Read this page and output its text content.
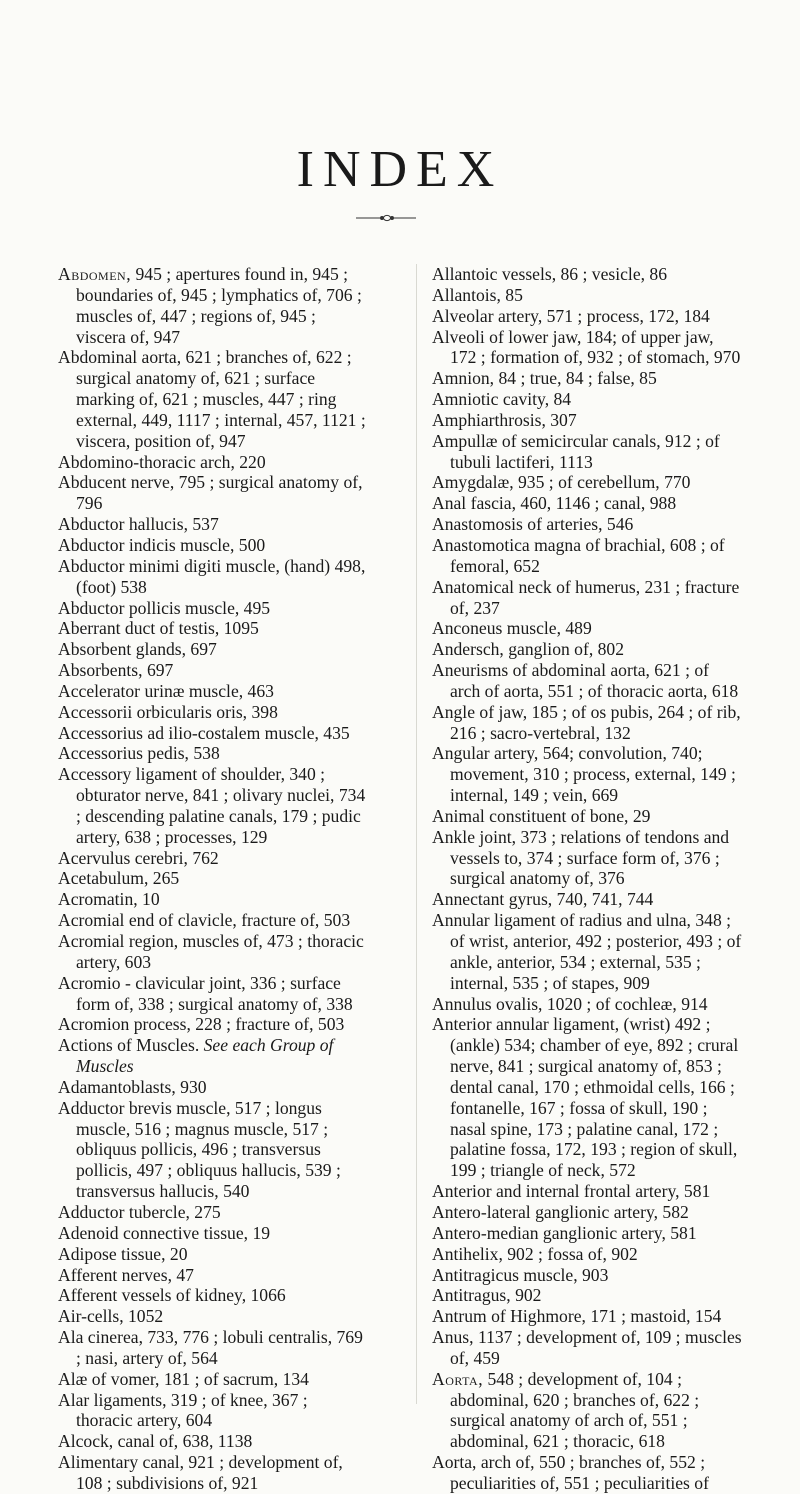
INDEX

Abdomen, 945 ; apertures found in, 945 ; boundaries of, 945 ; lymphatics of, 706 ; muscles of, 447 ; regions of, 945 ; viscera of, 947

Abdominal aorta, 621 ; branches of, 622 ; surgical anatomy of, 621 ; surface marking of, 621 ; muscles, 447 ; ring external, 449, 1117 ; internal, 457, 1121 ; viscera, position of, 947

Abdomino-thoracic arch, 220

Abducent nerve, 795 ; surgical anatomy of, 796

Abductor hallucis, 537

Abductor indicis muscle, 500

Abductor minimi digiti muscle, (hand) 498, (foot) 538

Abductor pollicis muscle, 495

Aberrant duct of testis, 1095

Absorbent glands, 697

Absorbents, 697

Accelerator urinæ muscle, 463

Accessorii orbicularis oris, 398

Accessorius ad ilio-costalem muscle, 435

Accessorius pedis, 538

Accessory ligament of shoulder, 340 ; obturator nerve, 841 ; olivary nuclei, 734 ; descending palatine canals, 179 ; pudic artery, 638 ; processes, 129

Acervulus cerebri, 762

Acetabulum, 265

Acromatin, 10

Acromial end of clavicle, fracture of, 503

Acromial region, muscles of, 473 ; thoracic artery, 603

Acromio - clavicular joint, 336 ; surface form of, 338 ; surgical anatomy of, 338

Acromion process, 228 ; fracture of, 503

Actions of Muscles. See each Group of Muscles

Adamantoblasts, 930

Adductor brevis muscle, 517 ; longus muscle, 516 ; magnus muscle, 517 ; obliquus pollicis, 496 ; transversus pollicis, 497 ; obliquus hallucis, 539 ; transversus hallucis, 540

Adductor tubercle, 275

Adenoid connective tissue, 19

Adipose tissue, 20

Afferent nerves, 47

Afferent vessels of kidney, 1066

Air-cells, 1052

Ala cinerea, 733, 776 ; lobuli centralis, 769 ; nasi, artery of, 564

Alæ of vomer, 181 ; of sacrum, 134

Alar ligaments, 319 ; of knee, 367 ; thoracic artery, 604

Alcock, canal of, 638, 1138

Alimentary canal, 921 ; development of, 108 ; subdivisions of, 921

Allantoic vessels, 86 ; vesicle, 86

Allantois, 85

Alveolar artery, 571 ; process, 172, 184

Alveoli of lower jaw, 184; of upper jaw, 172 ; formation of, 932 ; of stomach, 970

Amnion, 84 ; true, 84 ; false, 85

Amniotic cavity, 84

Amphiarthrosis, 307

Ampullæ of semicircular canals, 912 ; of tubuli lactiferi, 1113

Amygdalæ, 935 ; of cerebellum, 770

Anal fascia, 460, 1146 ; canal, 988

Anastomosis of arteries, 546

Anastomotica magna of brachial, 608 ; of femoral, 652

Anatomical neck of humerus, 231 ; fracture of, 237

Anconeus muscle, 489

Andersch, ganglion of, 802

Aneurisms of abdominal aorta, 621 ; of arch of aorta, 551 ; of thoracic aorta, 618

Angle of jaw, 185 ; of os pubis, 264 ; of rib, 216 ; sacro-vertebral, 132

Angular artery, 564; convolution, 740; movement, 310 ; process, external, 149 ; internal, 149 ; vein, 669

Animal constituent of bone, 29

Ankle joint, 373 ; relations of tendons and vessels to, 374 ; surface form of, 376 ; surgical anatomy of, 376

Annectant gyrus, 740, 741, 744

Annular ligament of radius and ulna, 348 ; of wrist, anterior, 492 ; posterior, 493 ; of ankle, anterior, 534 ; external, 535 ; internal, 535 ; of stapes, 909

Annulus ovalis, 1020 ; of cochleæ, 914

Anterior annular ligament, (wrist) 492 ; (ankle) 534; chamber of eye, 892 ; crural nerve, 841 ; surgical anatomy of, 853 ; dental canal, 170 ; ethmoidal cells, 166 ; fontanelle, 167 ; fossa of skull, 190 ; nasal spine, 173 ; palatine canal, 172 ; palatine fossa, 172, 193 ; region of skull, 199 ; triangle of neck, 572

Anterior and internal frontal artery, 581

Antero-lateral ganglionic artery, 582

Antero-median ganglionic artery, 581

Antihelix, 902 ; fossa of, 902

Antitragicus muscle, 903

Antitragus, 902

Antrum of Highmore, 171 ; mastoid, 154

Anus, 1137 ; development of, 109 ; muscles of, 459

Aorta, 548 ; development of, 104 ; abdominal, 620 ; branches of, 622 ; surgical anatomy of arch of, 551 ; abdominal, 621 ; thoracic, 618

Aorta, arch of, 550 ; branches of, 552 ; peculiarities of, 551 ; peculiarities of
